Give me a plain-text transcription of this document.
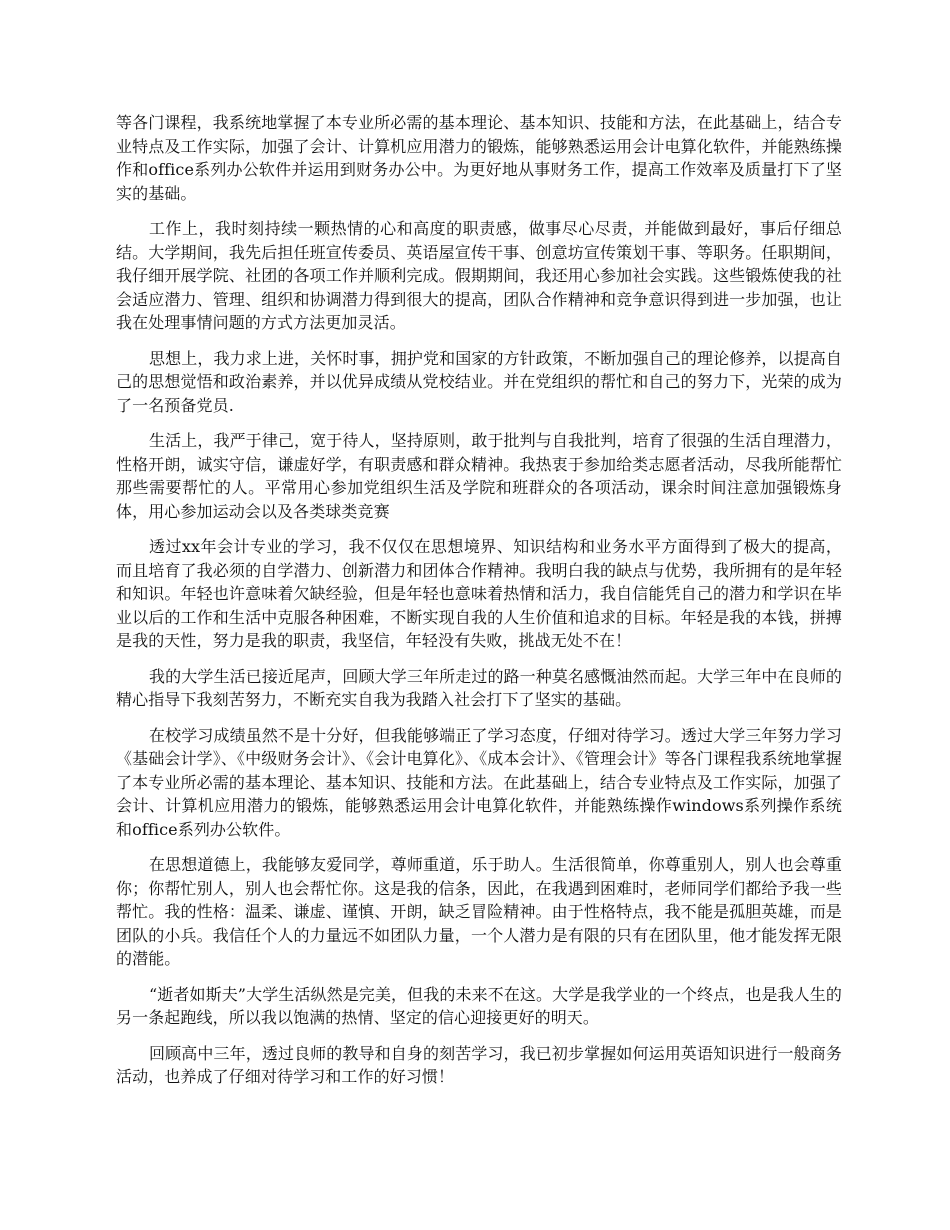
等各门课程，我系统地掌握了本专业所必需的基本理论、基本知识、技能和方法，在此基础上，结合专业特点及工作实际，加强了会计、计算机应用潜力的锻炼，能够熟悉运用会计电算化软件，并能熟练操作和office系列办公软件并运用到财务办公中。为更好地从事财务工作，提高工作效率及质量打下了坚实的基础。

工作上，我时刻持续一颗热情的心和高度的职责感，做事尽心尽责，并能做到最好，事后仔细总结。大学期间，我先后担任班宣传委员、英语屋宣传干事、创意坊宣传策划干事、等职务。任职期间，我仔细开展学院、社团的各项工作并顺利完成。假期期间，我还用心参加社会实践。这些锻炼使我的社会适应潜力、管理、组织和协调潜力得到很大的提高，团队合作精神和竞争意识得到进一步加强，也让我在处理事情问题的方式方法更加灵活。

思想上，我力求上进，关怀时事，拥护党和国家的方针政策，不断加强自己的理论修养，以提高自己的思想觉悟和政治素养，并以优异成绩从党校结业。并在党组织的帮忙和自己的努力下，光荣的成为了一名预备党员.

生活上，我严于律己，宽于待人，坚持原则，敢于批判与自我批判，培育了很强的生活自理潜力，性格开朗，诚实守信，谦虚好学，有职责感和群众精神。我热衷于参加给类志愿者活动，尽我所能帮忙那些需要帮忙的人。平常用心参加党组织生活及学院和班群众的各项活动，课余时间注意加强锻炼身体，用心参加运动会以及各类球类竞赛

透过xx年会计专业的学习，我不仅仅在思想境界、知识结构和业务水平方面得到了极大的提高，而且培育了我必须的自学潜力、创新潜力和团体合作精神。我明白我的缺点与优势，我所拥有的是年轻和知识。年轻也许意味着欠缺经验，但是年轻也意味着热情和活力，我自信能凭自己的潜力和学识在毕业以后的工作和生活中克服各种困难，不断实现自我的人生价值和追求的目标。年轻是我的本钱，拼搏是我的天性，努力是我的职责，我坚信，年轻没有失败，挑战无处不在！

我的大学生活已接近尾声，回顾大学三年所走过的路一种莫名感慨油然而起。大学三年中在良师的精心指导下我刻苦努力，不断充实自我为我踏入社会打下了坚实的基础。

在校学习成绩虽然不是十分好，但我能够端正了学习态度，仔细对待学习。透过大学三年努力学习《基础会计学》、《中级财务会计》、《会计电算化》、《成本会计》、《管理会计》等各门课程我系统地掌握了本专业所必需的基本理论、基本知识、技能和方法。在此基础上，结合专业特点及工作实际，加强了会计、计算机应用潜力的锻炼，能够熟悉运用会计电算化软件，并能熟练操作windows系列操作系统和office系列办公软件。

在思想道德上，我能够友爱同学，尊师重道，乐于助人。生活很简单，你尊重别人，别人也会尊重你；你帮忙别人，别人也会帮忙你。这是我的信条，因此，在我遇到困难时，老师同学们都给予我一些帮忙。我的性格：温柔、谦虚、谨慎、开朗，缺乏冒险精神。由于性格特点，我不能是孤胆英雄，而是团队的小兵。我信任个人的力量远不如团队力量，一个人潜力是有限的只有在团队里，他才能发挥无限的潜能。

“逝者如斯夫”大学生活纵然是完美，但我的未来不在这。大学是我学业的一个终点，也是我人生的另一条起跑线，所以我以饱满的热情、坚定的信心迎接更好的明天。

回顾高中三年，透过良师的教导和自身的刻苦学习，我已初步掌握如何运用英语知识进行一般商务活动，也养成了仔细对待学习和工作的好习惯！
